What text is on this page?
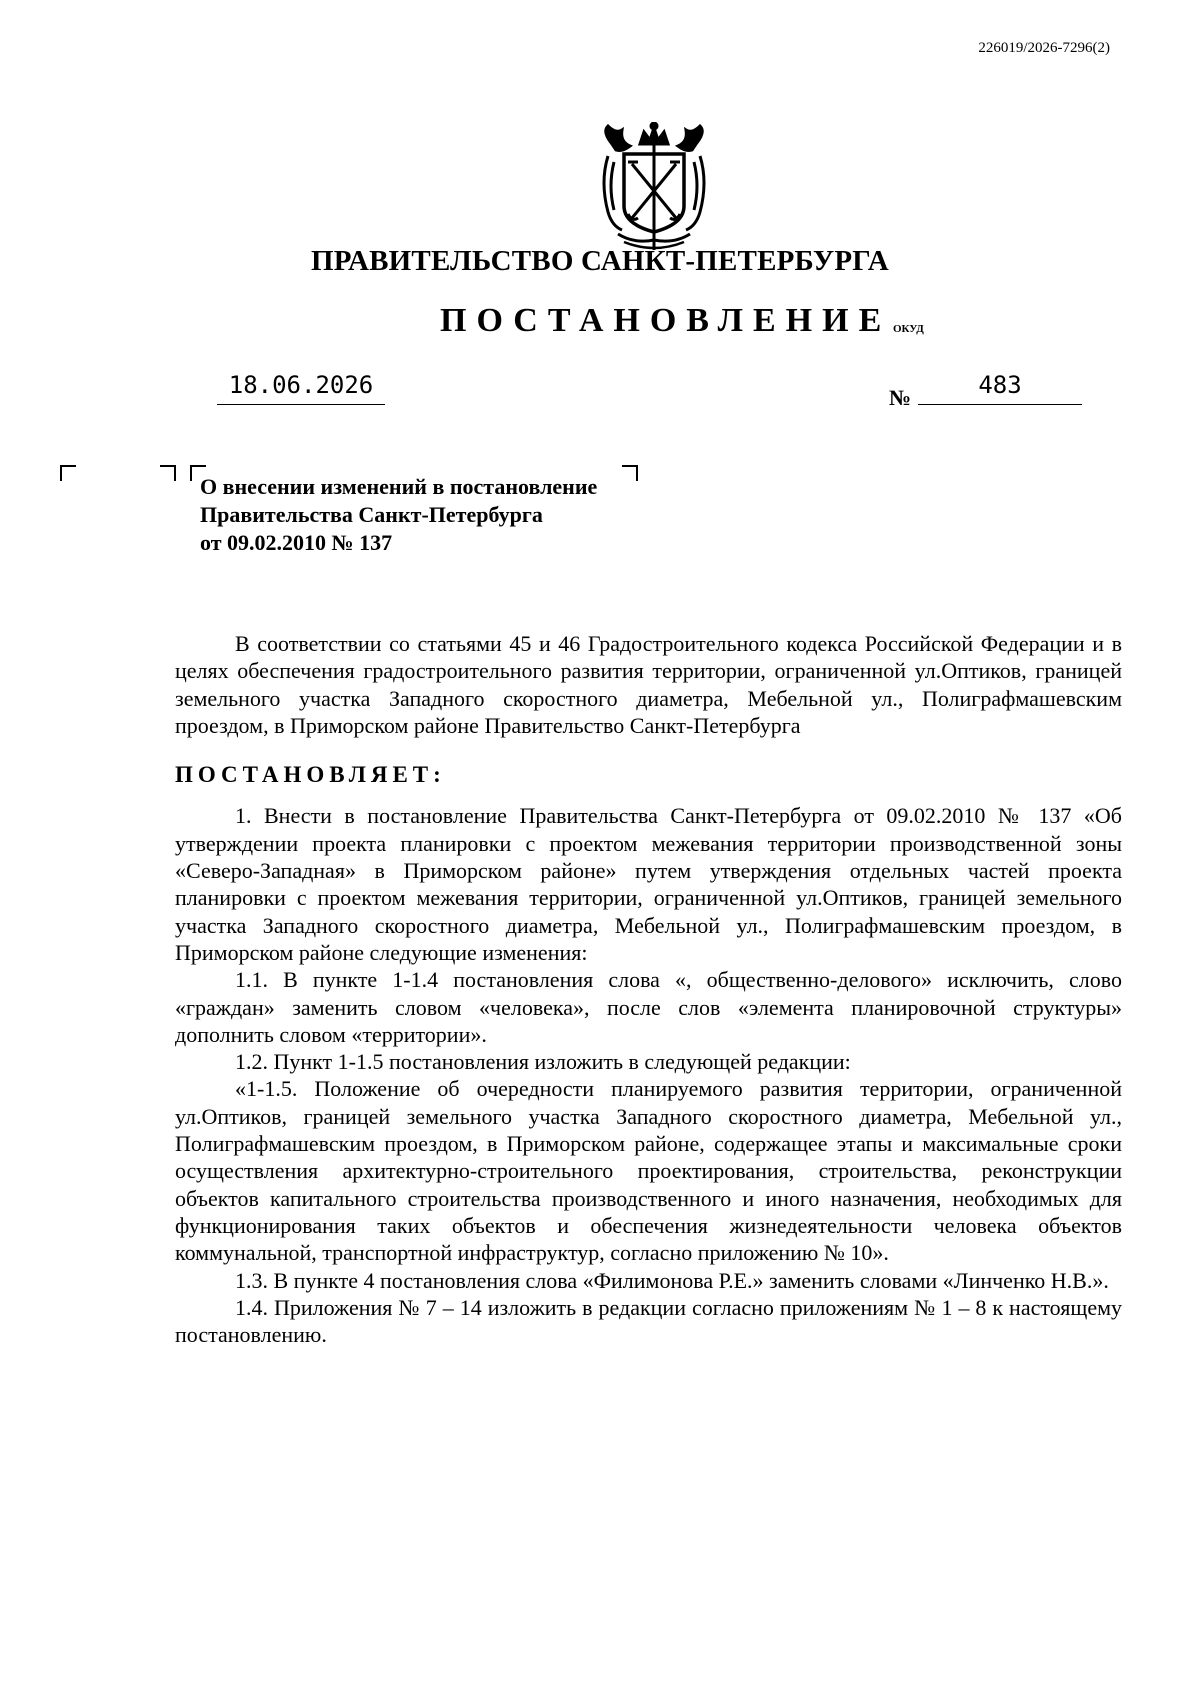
226019/2026-7296(2)
ПРАВИТЕЛЬСТВО САНКТ-ПЕТЕРБУРГА
ПОСТАНОВЛЕНИЕ ОКУД
18.06.2026	№	483
О внесении изменений в постановление
Правительства Санкт-Петербурга
от 09.02.2010 № 137

В соответствии со статьями 45 и 46 Градостроительного кодекса Российской Федерации и в целях обеспечения градостроительного развития территории, ограниченной ул.Оптиков, границей земельного участка Западного скоростного диаметра, Мебельной ул., Полиграфмашевским проездом, в Приморском районе Правительство Санкт-Петербурга

ПОСТАНОВЛЯЕТ:

1. Внести в постановление Правительства Санкт-Петербурга от 09.02.2010 № 137 «Об утверждении проекта планировки с проектом межевания территории производственной зоны «Северо-Западная» в Приморском районе» путем утверждения отдельных частей проекта планировки с проектом межевания территории, ограниченной ул.Оптиков, границей земельного участка Западного скоростного диаметра, Мебельной ул., Полиграфмашевским проездом, в Приморском районе следующие изменения:

1.1. В пункте 1-1.4 постановления слова «, общественно-делового» исключить, слово «граждан» заменить словом «человека», после слов «элемента планировочной структуры» дополнить словом «территории».

1.2. Пункт 1-1.5 постановления изложить в следующей редакции:

«1-1.5. Положение об очередности планируемого развития территории, ограниченной ул.Оптиков, границей земельного участка Западного скоростного диаметра, Мебельной ул., Полиграфмашевским проездом, в Приморском районе, содержащее этапы и максимальные сроки осуществления архитектурно-строительного проектирования, строительства, реконструкции объектов капитального строительства производственного и иного назначения, необходимых для функционирования таких объектов и обеспечения жизнедеятельности человека объектов коммунальной, транспортной инфраструктур, согласно приложению № 10».

1.3. В пункте 4 постановления слова «Филимонова Р.Е.» заменить словами «Линченко Н.В.».

1.4. Приложения № 7 – 14 изложить в редакции согласно приложениям № 1 – 8 к настоящему постановлению.
